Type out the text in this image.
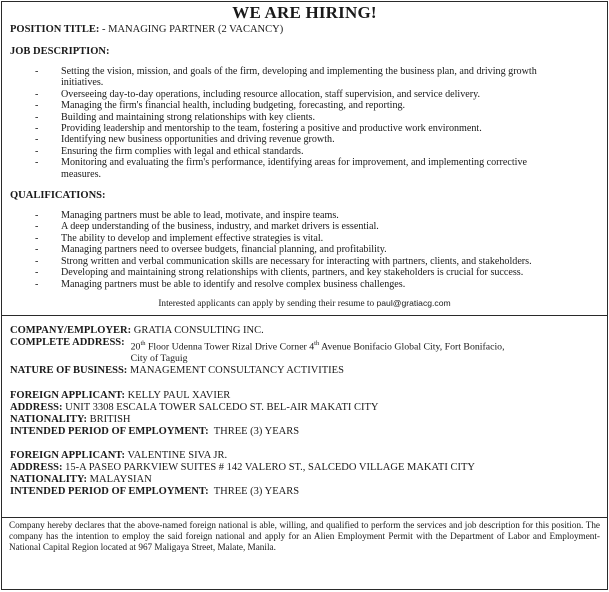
WE ARE HIRING!
POSITION TITLE: - MANAGING PARTNER (2 VACANCY)
JOB DESCRIPTION:
- Setting the vision, mission, and goals of the firm, developing and implementing the business plan, and driving growth initiatives.
- Overseeing day-to-day operations, including resource allocation, staff supervision, and service delivery.
- Managing the firm's financial health, including budgeting, forecasting, and reporting.
- Building and maintaining strong relationships with key clients.
- Providing leadership and mentorship to the team, fostering a positive and productive work environment.
- Identifying new business opportunities and driving revenue growth.
- Ensuring the firm complies with legal and ethical standards.
- Monitoring and evaluating the firm's performance, identifying areas for improvement, and implementing corrective measures.
QUALIFICATIONS:
- Managing partners must be able to lead, motivate, and inspire teams.
- A deep understanding of the business, industry, and market drivers is essential.
- The ability to develop and implement effective strategies is vital.
- Managing partners need to oversee budgets, financial planning, and profitability.
- Strong written and verbal communication skills are necessary for interacting with partners, clients, and stakeholders.
- Developing and maintaining strong relationships with clients, partners, and key stakeholders is crucial for success.
- Managing partners must be able to identify and resolve complex business challenges.
Interested applicants can apply by sending their resume to paul@gratiacg.com
COMPANY/EMPLOYER: GRATIA CONSULTING INC.
COMPLETE ADDRESS: 20th Floor Udenna Tower Rizal Drive Corner 4th Avenue Bonifacio Global City, Fort Bonifacio,
City of Taguig
NATURE OF BUSINESS: MANAGEMENT CONSULTANCY ACTIVITIES
FOREIGN APPLICANT: KELLY PAUL XAVIER
ADDRESS: UNIT 3308 ESCALA TOWER SALCEDO ST. BEL-AIR MAKATI CITY
NATIONALITY: BRITISH
INTENDED PERIOD OF EMPLOYMENT: THREE (3) YEARS
FOREIGN APPLICANT: VALENTINE SIVA JR.
ADDRESS: 15-A PASEO PARKVIEW SUITES # 142 VALERO ST., SALCEDO VILLAGE MAKATI CITY
NATIONALITY: MALAYSIAN
INTENDED PERIOD OF EMPLOYMENT: THREE (3) YEARS
Company hereby declares that the above-named foreign national is able, willing, and qualified to perform the services and job description for this position. The company has the intention to employ the said foreign national and apply for an Alien Employment Permit with the Department of Labor and Employment- National Capital Region located at 967 Maligaya Street, Malate, Manila.
